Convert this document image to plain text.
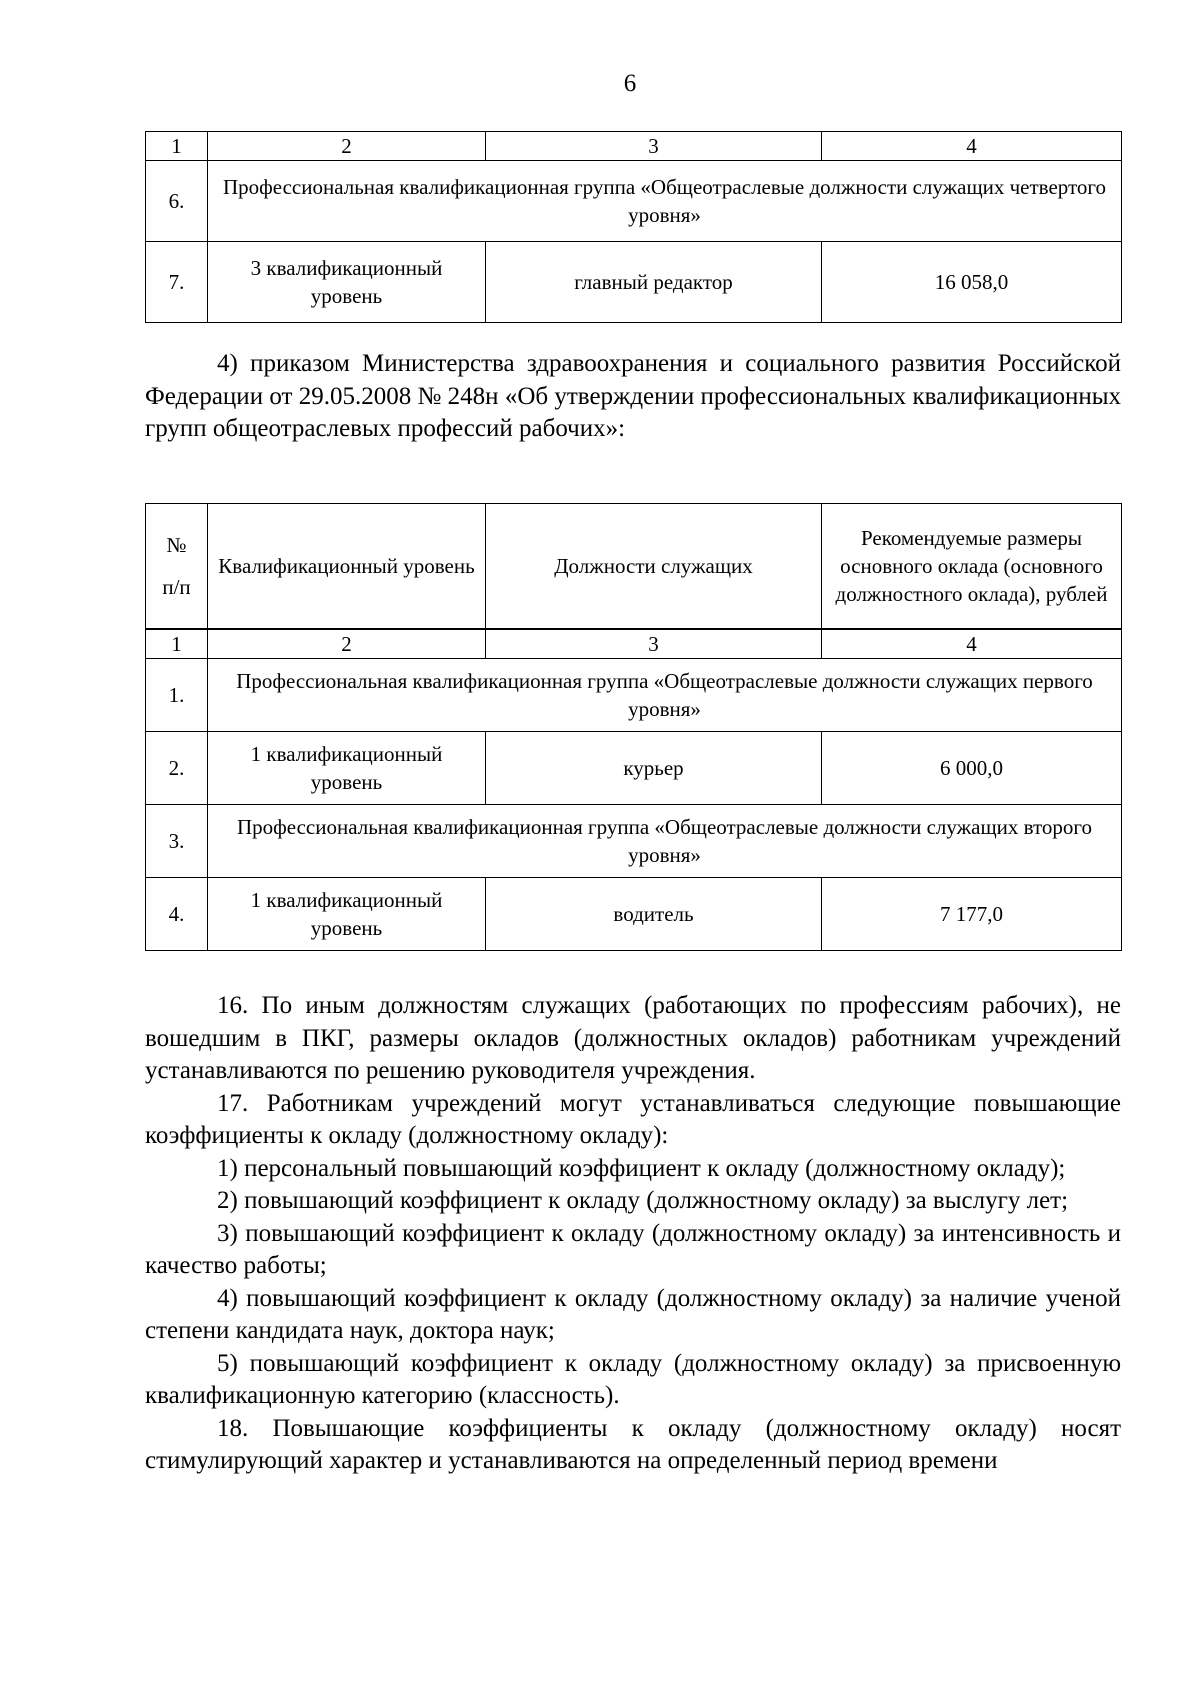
6
1	2	3	4
6.	Профессиональная квалификационная группа «Общеотраслевые должности служащих четвертого уровня»		
7.	3 квалификационный уровень	главный редактор	16 058,0

4) приказом Министерства здравоохранения и социального развития Российской Федерации от 29.05.2008 № 248н «Об утверждении профессиональных квалификационных групп общеотраслевых профессий рабочих»:

№
п/п	Квалификационный уровень	Должности служащих	Рекомендуемые размеры основного оклада (основного должностного оклада), рублей
1	2	3	4
1.	Профессиональная квалификационная группа «Общеотраслевые должности служащих первого уровня»		
2.	1 квалификационный уровень	курьер	6 000,0
3.	Профессиональная квалификационная группа «Общеотраслевые должности служащих второго уровня»		
4.	1 квалификационный уровень	водитель	7 177,0

16. По иным должностям служащих (работающих по профессиям рабочих), не вошедшим в ПКГ, размеры окладов (должностных окладов) работникам учреждений устанавливаются по решению руководителя учреждения.

17. Работникам учреждений могут устанавливаться следующие повышающие коэффициенты к окладу (должностному окладу):

1) персональный повышающий коэффициент к окладу (должностному окладу);

2) повышающий коэффициент к окладу (должностному окладу) за выслугу лет;

3) повышающий коэффициент к окладу (должностному окладу) за интенсивность и качество работы;

4) повышающий коэффициент к окладу (должностному окладу) за наличие ученой степени кандидата наук, доктора наук;

5) повышающий коэффициент к окладу (должностному окладу) за присвоенную квалификационную категорию (классность).

18. Повышающие коэффициенты к окладу (должностному окладу) носят стимулирующий характер и устанавливаются на определенный период времени
